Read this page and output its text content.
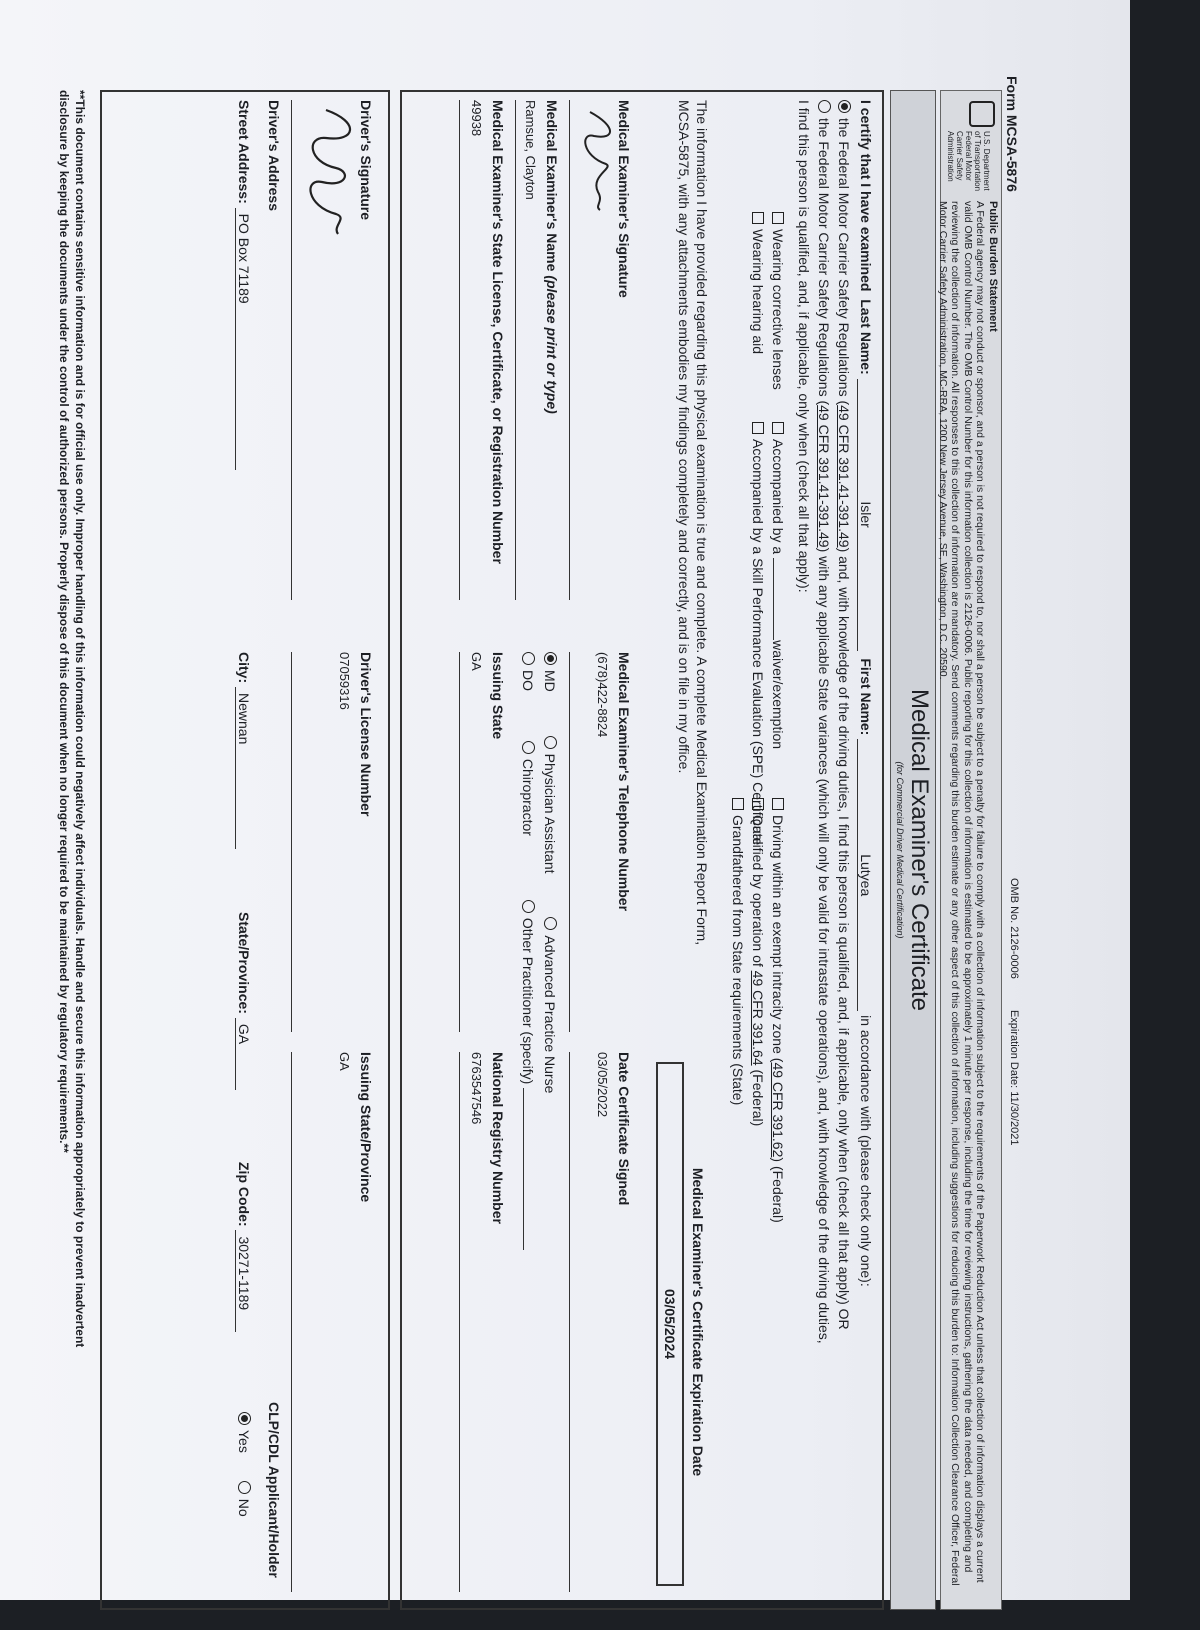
Form MCSA-5876
OMB No. 2126-0006 Expiration Date: 11/30/2021
U.S. Department of Transportation Federal Motor Carrier Safety Administration
Public Burden Statement
A Federal agency may not conduct or sponsor, and a person is not required to respond to, nor shall a person be subject to a penalty for failure to comply with a collection of information subject to the requirements of the Paperwork Reduction Act unless that collection of information displays a current valid OMB Control Number. The OMB Control Number for this information collection is 2126-0006. Public reporting for this collection of information is estimated to be approximately 1 minute per response, including the time for reviewing instructions, gathering the data needed, and completing and reviewing the collection of information. All responses to this collection of information are mandatory. Send comments regarding this burden estimate or any other aspect of this collection of information, including suggestions for reducing this burden to: Information Collection Clearance Officer, Federal Motor Carrier Safety Administration, MC-RRA, 1200 New Jersey Avenue, SE, Washington, D.C. 20590.
Medical Examiner's Certificate
(for Commercial Driver Medical Certification)
I certify that I have examined  Last Name: Isler  First Name: Lutyea in accordance with (please check only one):
the Federal Motor Carrier Safety Regulations (49 CFR 391.41-391.49) and, with knowledge of the driving duties, I find this person is qualified, and, if applicable, only when (check all that apply) OR
the Federal Motor Carrier Safety Regulations (49 CFR 391.41-391.49) with any applicable State variances (which will only be valid for intrastate operations), and, with knowledge of the driving duties,
I find this person is qualified, and, if applicable, only when (check all that apply):
Wearing corrective lenses
Wearing hearing aid
Accompanied by a waiver/exemption
Accompanied by a Skill Performance Evaluation (SPE) Certificate
Driving within an exempt intracity zone (49 CFR 391.62) (Federal)
Qualified by operation of 49 CFR 391.64 (Federal)
Grandfathered from State requirements (State)
The information I have provided regarding this physical examination is true and complete. A complete Medical Examination Report Form,
MCSA-5875, with any attachments embodies my findings completely and correctly, and is on file in my office.
Medical Examiner's Certificate Expiration Date
03/05/2024
Medical Examiner's Signature
Medical Examiner's Telephone Number
(678)422-8824
Date Certificate Signed
03/05/2022
Medical Examiner's Name (please print or type)
Ramsue, Clayton
MD Physician Assistant Advanced Practice Nurse
DO Chiropractor Other Practitioner (specify)
Medical Examiner's State License, Certificate, or Registration Number
49938
Issuing State
GA
National Registry Number
6763547546
Driver's Signature
Driver's License Number
07059316
Issuing State/Province
GA
Driver's Address
CLP/CDL Applicant/Holder
Street Address: PO Box 71189
City: Newnan
State/Province: GA
Zip Code: 30271-1189
Yes No
**This document contains sensitive information and is for official use only. Improper handling of this information could negatively affect individuals. Handle and secure this information appropriately to prevent inadvertent
disclosure by keeping the documents under the control of authorized persons. Properly dispose of this document when no longer required to be maintained by regulatory requirements.**
